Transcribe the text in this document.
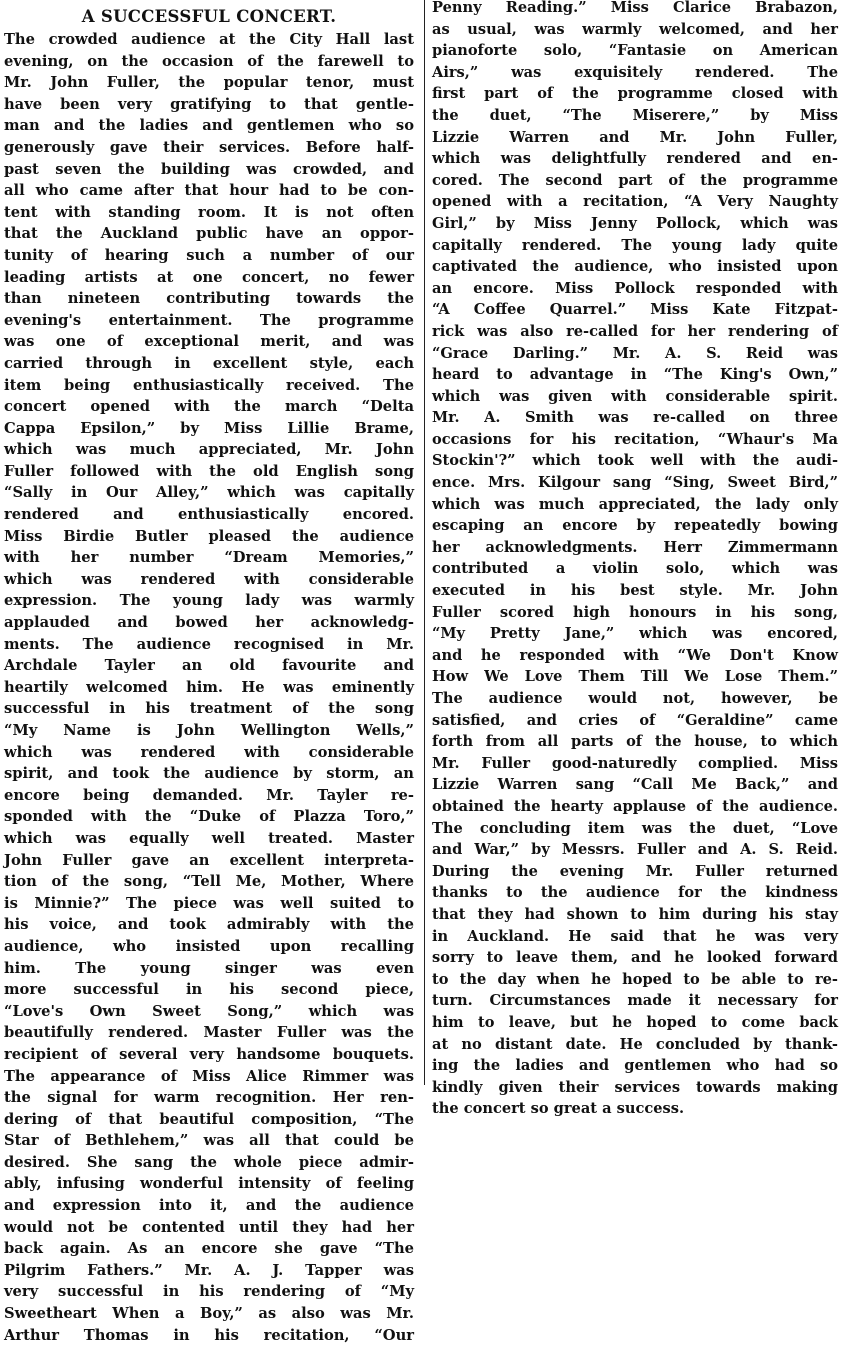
A SUCCESSFUL CONCERT.
The crowded audience at the City Hall last
evening, on the occasion of the farewell to
Mr. John Fuller, the popular tenor, must
have been very gratifying to that gentle-
man and the ladies and gentlemen who so
generously gave their services. Before half-
past seven the building was crowded, and
all who came after that hour had to be con-
tent with standing room. It is not often
that the Auckland public have an oppor-
tunity of hearing such a number of our
leading artists at one concert, no fewer
than nineteen contributing towards the
evening's entertainment. The programme
was one of exceptional merit, and was
carried through in excellent style, each
item being enthusiastically received. The
concert opened with the march “Delta
Cappa Epsilon,” by Miss Lillie Brame,
which was much appreciated, Mr. John
Fuller followed with the old English song
“Sally in Our Alley,” which was capitally
rendered and enthusiastically encored.
Miss Birdie Butler pleased the audience
with her number “Dream Memories,”
which was rendered with considerable
expression. The young lady was warmly
applauded and bowed her acknowledg-
ments. The audience recognised in Mr.
Archdale Tayler an old favourite and
heartily welcomed him. He was eminently
successful in his treatment of the song
“My Name is John Wellington Wells,”
which was rendered with considerable
spirit, and took the audience by storm, an
encore being demanded. Mr. Tayler re-
sponded with the “Duke of Plazza Toro,”
which was equally well treated. Master
John Fuller gave an excellent interpreta-
tion of the song, “Tell Me, Mother, Where
is Minnie?” The piece was well suited to
his voice, and took admirably with the
audience, who insisted upon recalling
him. The young singer was even
more successful in his second piece,
“Love's Own Sweet Song,” which was
beautifully rendered. Master Fuller was the
recipient of several very handsome bouquets.
The appearance of Miss Alice Rimmer was
the signal for warm recognition. Her ren-
dering of that beautiful composition, “The
Star of Bethlehem,” was all that could be
desired. She sang the whole piece admir-
ably, infusing wonderful intensity of feeling
and expression into it, and the audience
would not be contented until they had her
back again. As an encore she gave “The
Pilgrim Fathers.” Mr. A. J. Tapper was
very successful in his rendering of “My
Sweetheart When a Boy,” as also was Mr.
Arthur Thomas in his recitation, “Our
Penny Reading.” Miss Clarice Brabazon,
as usual, was warmly welcomed, and her
pianoforte solo, “Fantasie on American
Airs,” was exquisitely rendered. The
first part of the programme closed with
the duet, “The Miserere,” by Miss
Lizzie Warren and Mr. John Fuller,
which was delightfully rendered and en-
cored. The second part of the programme
opened with a recitation, “A Very Naughty
Girl,” by Miss Jenny Pollock, which was
capitally rendered. The young lady quite
captivated the audience, who insisted upon
an encore. Miss Pollock responded with
“A Coffee Quarrel.” Miss Kate Fitzpat-
rick was also re-called for her rendering of
“Grace Darling.” Mr. A. S. Reid was
heard to advantage in “The King's Own,”
which was given with considerable spirit.
Mr. A. Smith was re-called on three
occasions for his recitation, “Whaur's Ma
Stockin'?” which took well with the audi-
ence. Mrs. Kilgour sang “Sing, Sweet Bird,”
which was much appreciated, the lady only
escaping an encore by repeatedly bowing
her acknowledgments. Herr Zimmermann
contributed a violin solo, which was
executed in his best style. Mr. John
Fuller scored high honours in his song,
“My Pretty Jane,” which was encored,
and he responded with “We Don't Know
How We Love Them Till We Lose Them.”
The audience would not, however, be
satisfied, and cries of “Geraldine” came
forth from all parts of the house, to which
Mr. Fuller good-naturedly complied. Miss
Lizzie Warren sang “Call Me Back,” and
obtained the hearty applause of the audience.
The concluding item was the duet, “Love
and War,” by Messrs. Fuller and A. S. Reid.
During the evening Mr. Fuller returned
thanks to the audience for the kindness
that they had shown to him during his stay
in Auckland. He said that he was very
sorry to leave them, and he looked forward
to the day when he hoped to be able to re-
turn. Circumstances made it necessary for
him to leave, but he hoped to come back
at no distant date. He concluded by thank-
ing the ladies and gentlemen who had so
kindly given their services towards making
the concert so great a success.
